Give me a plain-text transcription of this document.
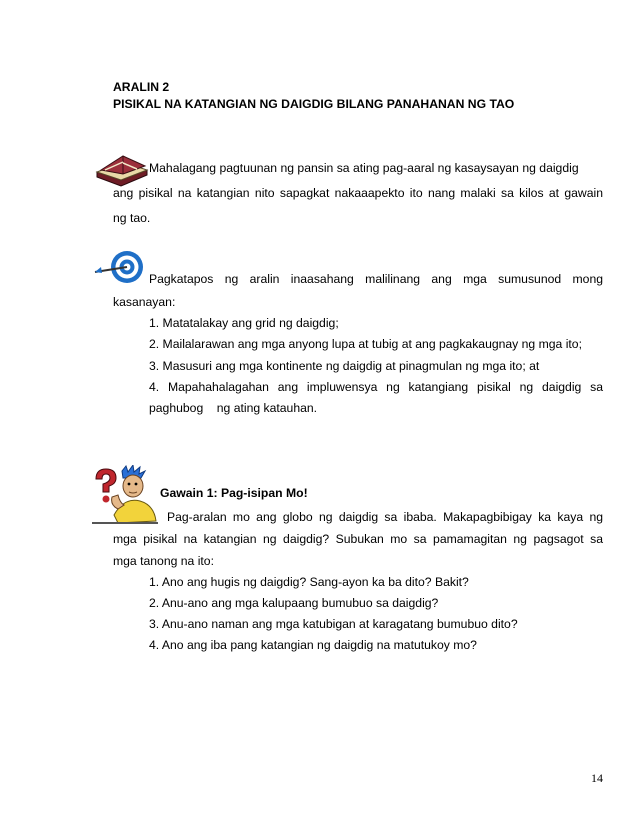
ARALIN 2
PISIKAL NA KATANGIAN NG DAIGDIG BILANG PANAHANAN NG TAO
Mahalagang pagtuunan ng pansin sa ating pag-aaral ng kasaysayan ng daigdig
ang pisikal na katangian nito sapagkat nakaaapekto ito nang malaki sa kilos at gawain
ng tao.
Pagkatapos ng aralin inaasahang malilinang ang mga sumusunod mong
kasanayan:
1. Matatalakay ang grid ng daigdig;
2. Mailalarawan ang mga anyong lupa at tubig at ang pagkakaugnay ng mga ito;
3. Masusuri ang mga kontinente ng daigdig at pinagmulan ng mga ito; at
4. Mapahahalagahan ang impluwensya ng katangiang pisikal ng daigdig sa
paghubog    ng ating katauhan.
Gawain 1: Pag-isipan Mo!
Pag-aralan mo ang globo ng daigdig sa ibaba. Makapagbibigay ka kaya ng
mga pisikal na katangian ng daigdig? Subukan mo sa pamamagitan ng pagsagot sa
mga tanong na ito:
1. Ano ang hugis ng daigdig? Sang-ayon ka ba dito? Bakit?
2. Anu-ano ang mga kalupaang bumubuo sa daigdig?
3. Anu-ano naman ang mga katubigan at karagatang bumubuo dito?
4. Ano ang iba pang katangian ng daigdig na matutukoy mo?
14
